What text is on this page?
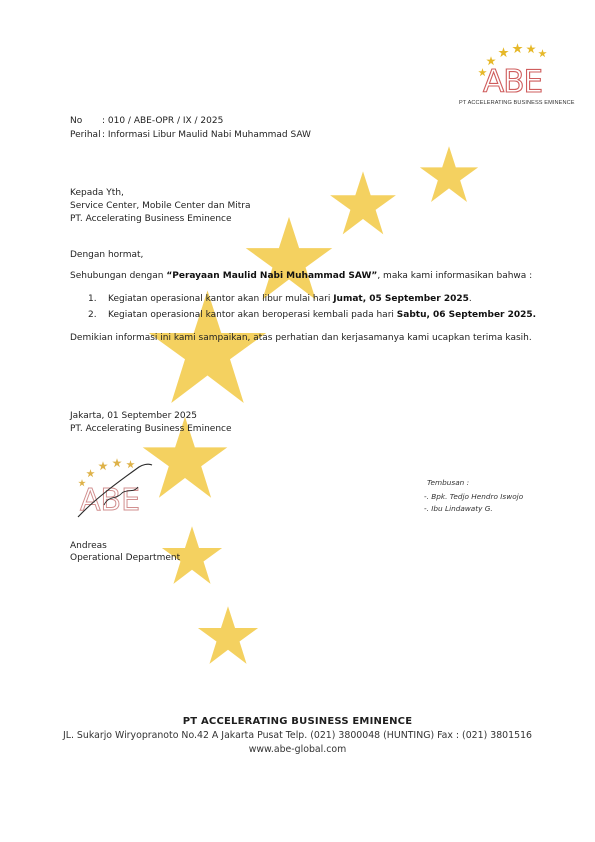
ABE
PT ACCELERATING BUSINESS EMINENCE
No : 010 / ABE-OPR / IX / 2025
Perihal: Informasi Libur Maulid Nabi Muhammad SAW
Kepada Yth,
Service Center, Mobile Center dan Mitra
PT. Accelerating Business Eminence
Dengan hormat,
Sehubungan dengan “Perayaan Maulid Nabi Muhammad SAW”, maka kami informasikan bahwa :
1. Kegiatan operasional kantor akan libur mulai hari Jumat, 05 September 2025.
2. Kegiatan operasional kantor akan beroperasi kembali pada hari Sabtu, 06 September 2025.
Demikian informasi ini kami sampaikan, atas perhatian dan kerjasamanya kami ucapkan terima kasih.
Jakarta, 01 September 2025
PT. Accelerating Business Eminence
ABE
Andreas
Operational Department
Tembusan :
-. Bpk. Tedjo Hendro Iswojo
-. Ibu Lindawaty G.
PT ACCELERATING BUSINESS EMINENCE
JL. Sukarjo Wiryopranoto No.42 A Jakarta Pusat Telp. (021) 3800048 (HUNTING) Fax : (021) 3801516
www.abe-global.com
